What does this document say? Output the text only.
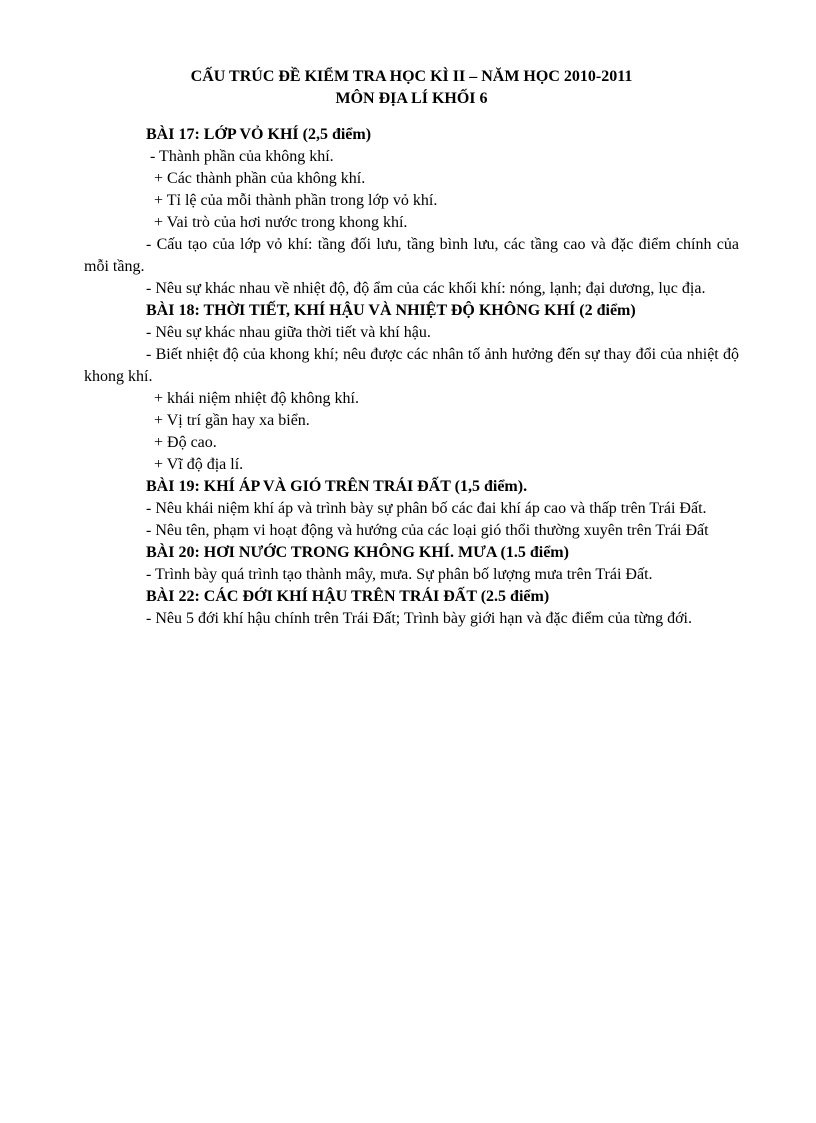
CẤU TRÚC ĐỀ KIỂM TRA HỌC KÌ II – NĂM HỌC 2010-2011

MÔN ĐỊA LÍ KHỐI 6

BÀI 17: LỚP VỎ KHÍ (2,5 điểm)

- Thành phần của không khí.

+ Các thành phần của không khí.

+ Tỉ lệ của mỗi thành phần trong lớp vỏ khí.

+ Vai trò của hơi nước trong khong khí.

- Cấu tạo của lớp vỏ khí: tầng đối lưu, tầng bình lưu, các tầng cao và đặc điểm chính của mỗi tầng.

- Nêu sự khác nhau về nhiệt độ, độ ẩm của các khối khí: nóng, lạnh; đại dương, lục địa.

BÀI 18: THỜI TIẾT, KHÍ HẬU VÀ NHIỆT ĐỘ KHÔNG KHÍ (2 điểm)

- Nêu sự khác nhau giữa thời tiết và khí hậu.

- Biết nhiệt độ của khong khí; nêu được các nhân tố ảnh hưởng đến sự thay đổi của nhiệt độ khong khí.

+ khái niệm nhiệt độ không khí.

+ Vị trí gần hay xa biển.

+ Độ cao.

+ Vĩ độ địa lí.

BÀI 19: KHÍ ÁP VÀ GIÓ TRÊN TRÁI ĐẤT (1,5 điểm).

- Nêu khái niệm khí áp và trình bày sự phân bố các đai khí áp cao và thấp trên Trái Đất.

- Nêu tên, phạm vi hoạt động và hướng của các loại gió thổi thường xuyên trên Trái Đất

BÀI 20: HƠI NƯỚC TRONG KHÔNG KHÍ. MƯA (1.5 điểm)

- Trình bày quá trình tạo thành mây, mưa. Sự phân bố lượng mưa trên Trái Đất.

BÀI 22: CÁC ĐỚI KHÍ HẬU TRÊN TRÁI ĐẤT (2.5 điểm)

- Nêu 5 đới khí hậu chính trên Trái Đất; Trình bày giới hạn và đặc điểm của từng đới.
